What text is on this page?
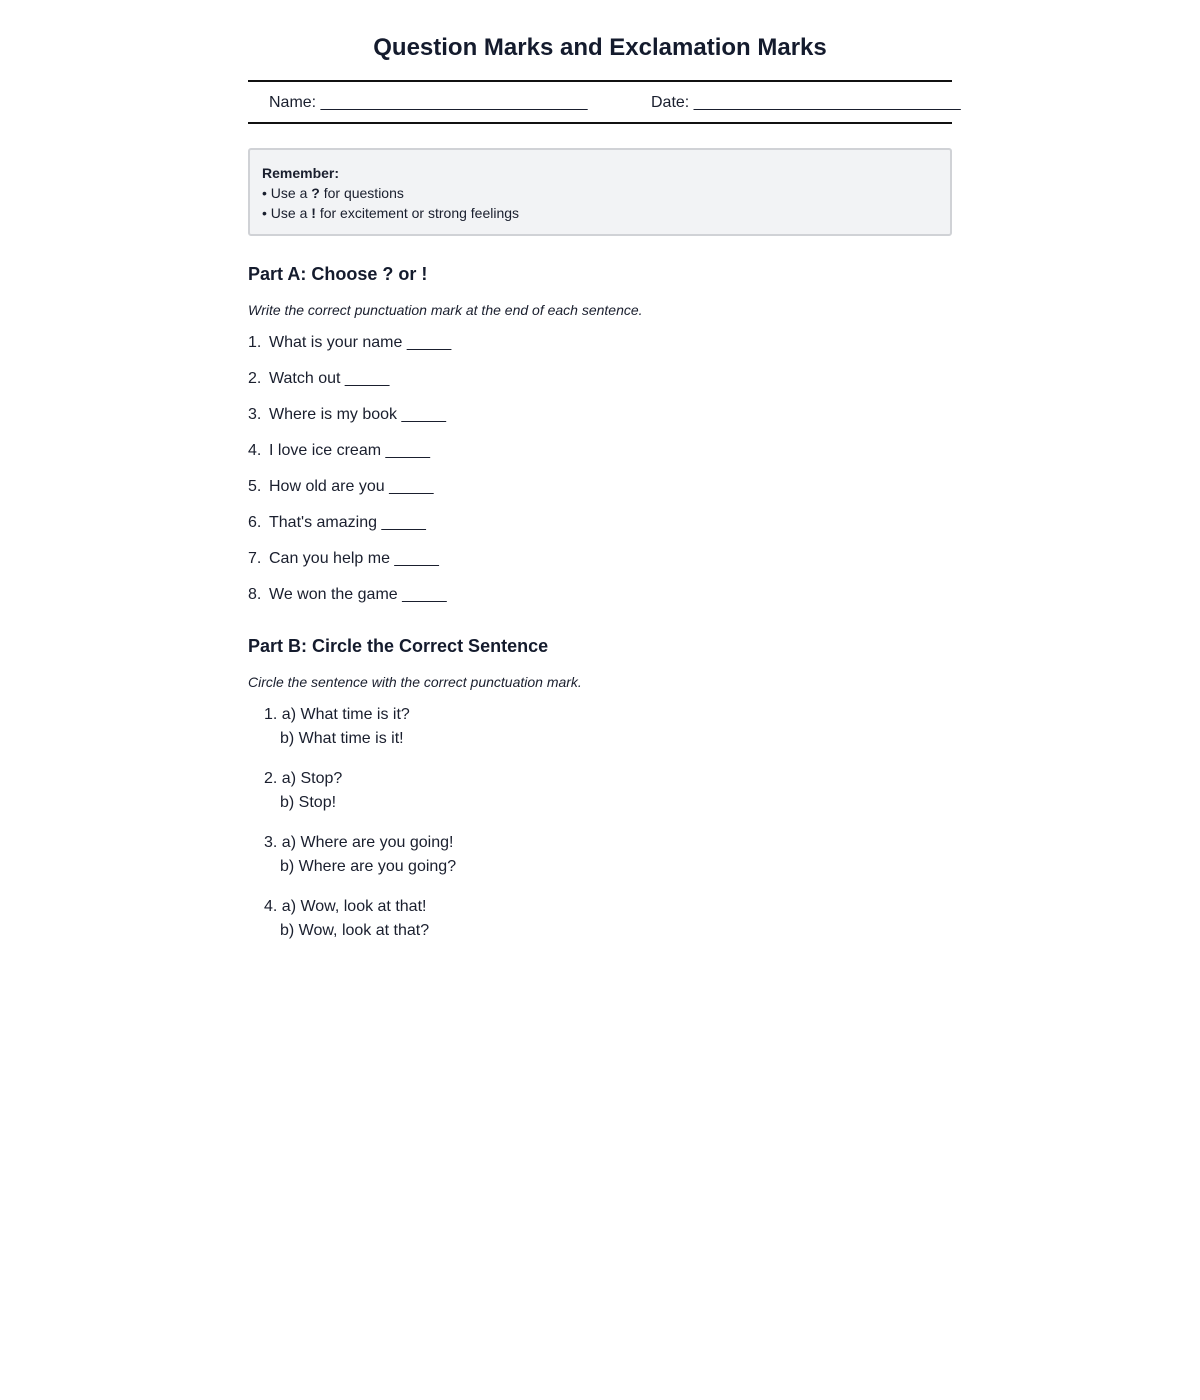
Question Marks and Exclamation Marks
Name: ______________________________	Date: ______________________________
Remember:
• Use a ? for questions
• Use a ! for excitement or strong feelings
Part A: Choose ? or !
Write the correct punctuation mark at the end of each sentence.
1. What is your name _____
2. Watch out _____
3. Where is my book _____
4. I love ice cream _____
5. How old are you _____
6. That's amazing _____
7. Can you help me _____
8. We won the game _____
Part B: Circle the Correct Sentence
Circle the sentence with the correct punctuation mark.
1. a) What time is it?
b) What time is it!
2. a) Stop?
b) Stop!
3. a) Where are you going!
b) Where are you going?
4. a) Wow, look at that!
b) Wow, look at that?
